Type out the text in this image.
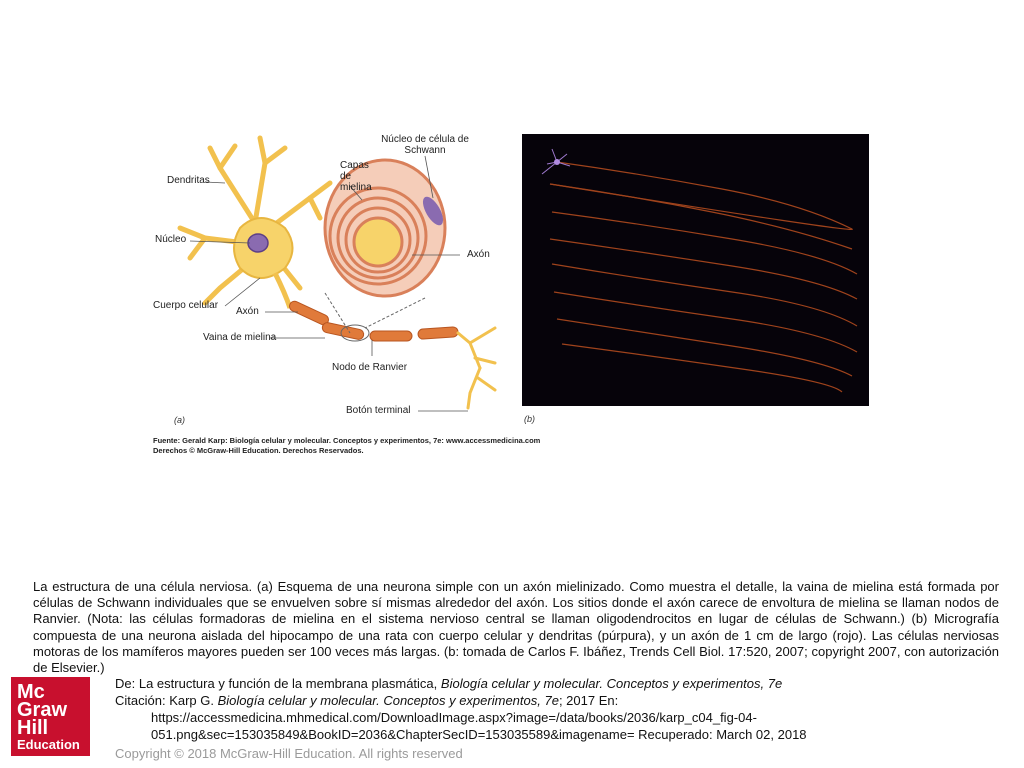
Dendritas
Núcleo
Cuerpo celular
Axón
Vaina de mielina
Nodo de Ranvier
Botón terminal
Capas de mielina
Núcleo de célula de Schwann
Axón
(a)
Fuente: Gerald Karp: Biología celular y molecular. Conceptos y experimentos, 7e: www.accessmedicina.com
Derechos © McGraw-Hill Education. Derechos Reservados.
(b)
La estructura de una célula nerviosa. (a) Esquema de una neurona simple con un axón mielinizado. Como muestra el detalle, la vaina de mielina está formada por células de Schwann individuales que se envuelven sobre sí mismas alrededor del axón. Los sitios donde el axón carece de envoltura de mielina se llaman nodos de Ranvier. (Nota: las células formadoras de mielina en el sistema nervioso central se llaman oligodendrocitos en lugar de células de Schwann.) (b) Micrografía compuesta de una neurona aislada del hipocampo de una rata con cuerpo celular y dendritas (púrpura), y un axón de 1 cm de largo (rojo). Las células nerviosas motoras de los mamíferos mayores pueden ser 100 veces más largas. (b: tomada de Carlos F. Ibáñez, Trends Cell Biol. 17:520, 2007; copyright 2007, con autorización de Elsevier.)
Mc
Graw
Hill
Education
De: La estructura y función de la membrana plasmática, Biología celular y molecular. Conceptos y experimentos, 7e
Citación: Karp G. Biología celular y molecular. Conceptos y experimentos, 7e; 2017 En:
https://accessmedicina.mhmedical.com/DownloadImage.aspx?image=/data/books/2036/karp_c04_fig-04-
051.png&sec=153035849&BookID=2036&ChapterSecID=153035589&imagename= Recuperado: March 02, 2018
Copyright © 2018 McGraw-Hill Education. All rights reserved
